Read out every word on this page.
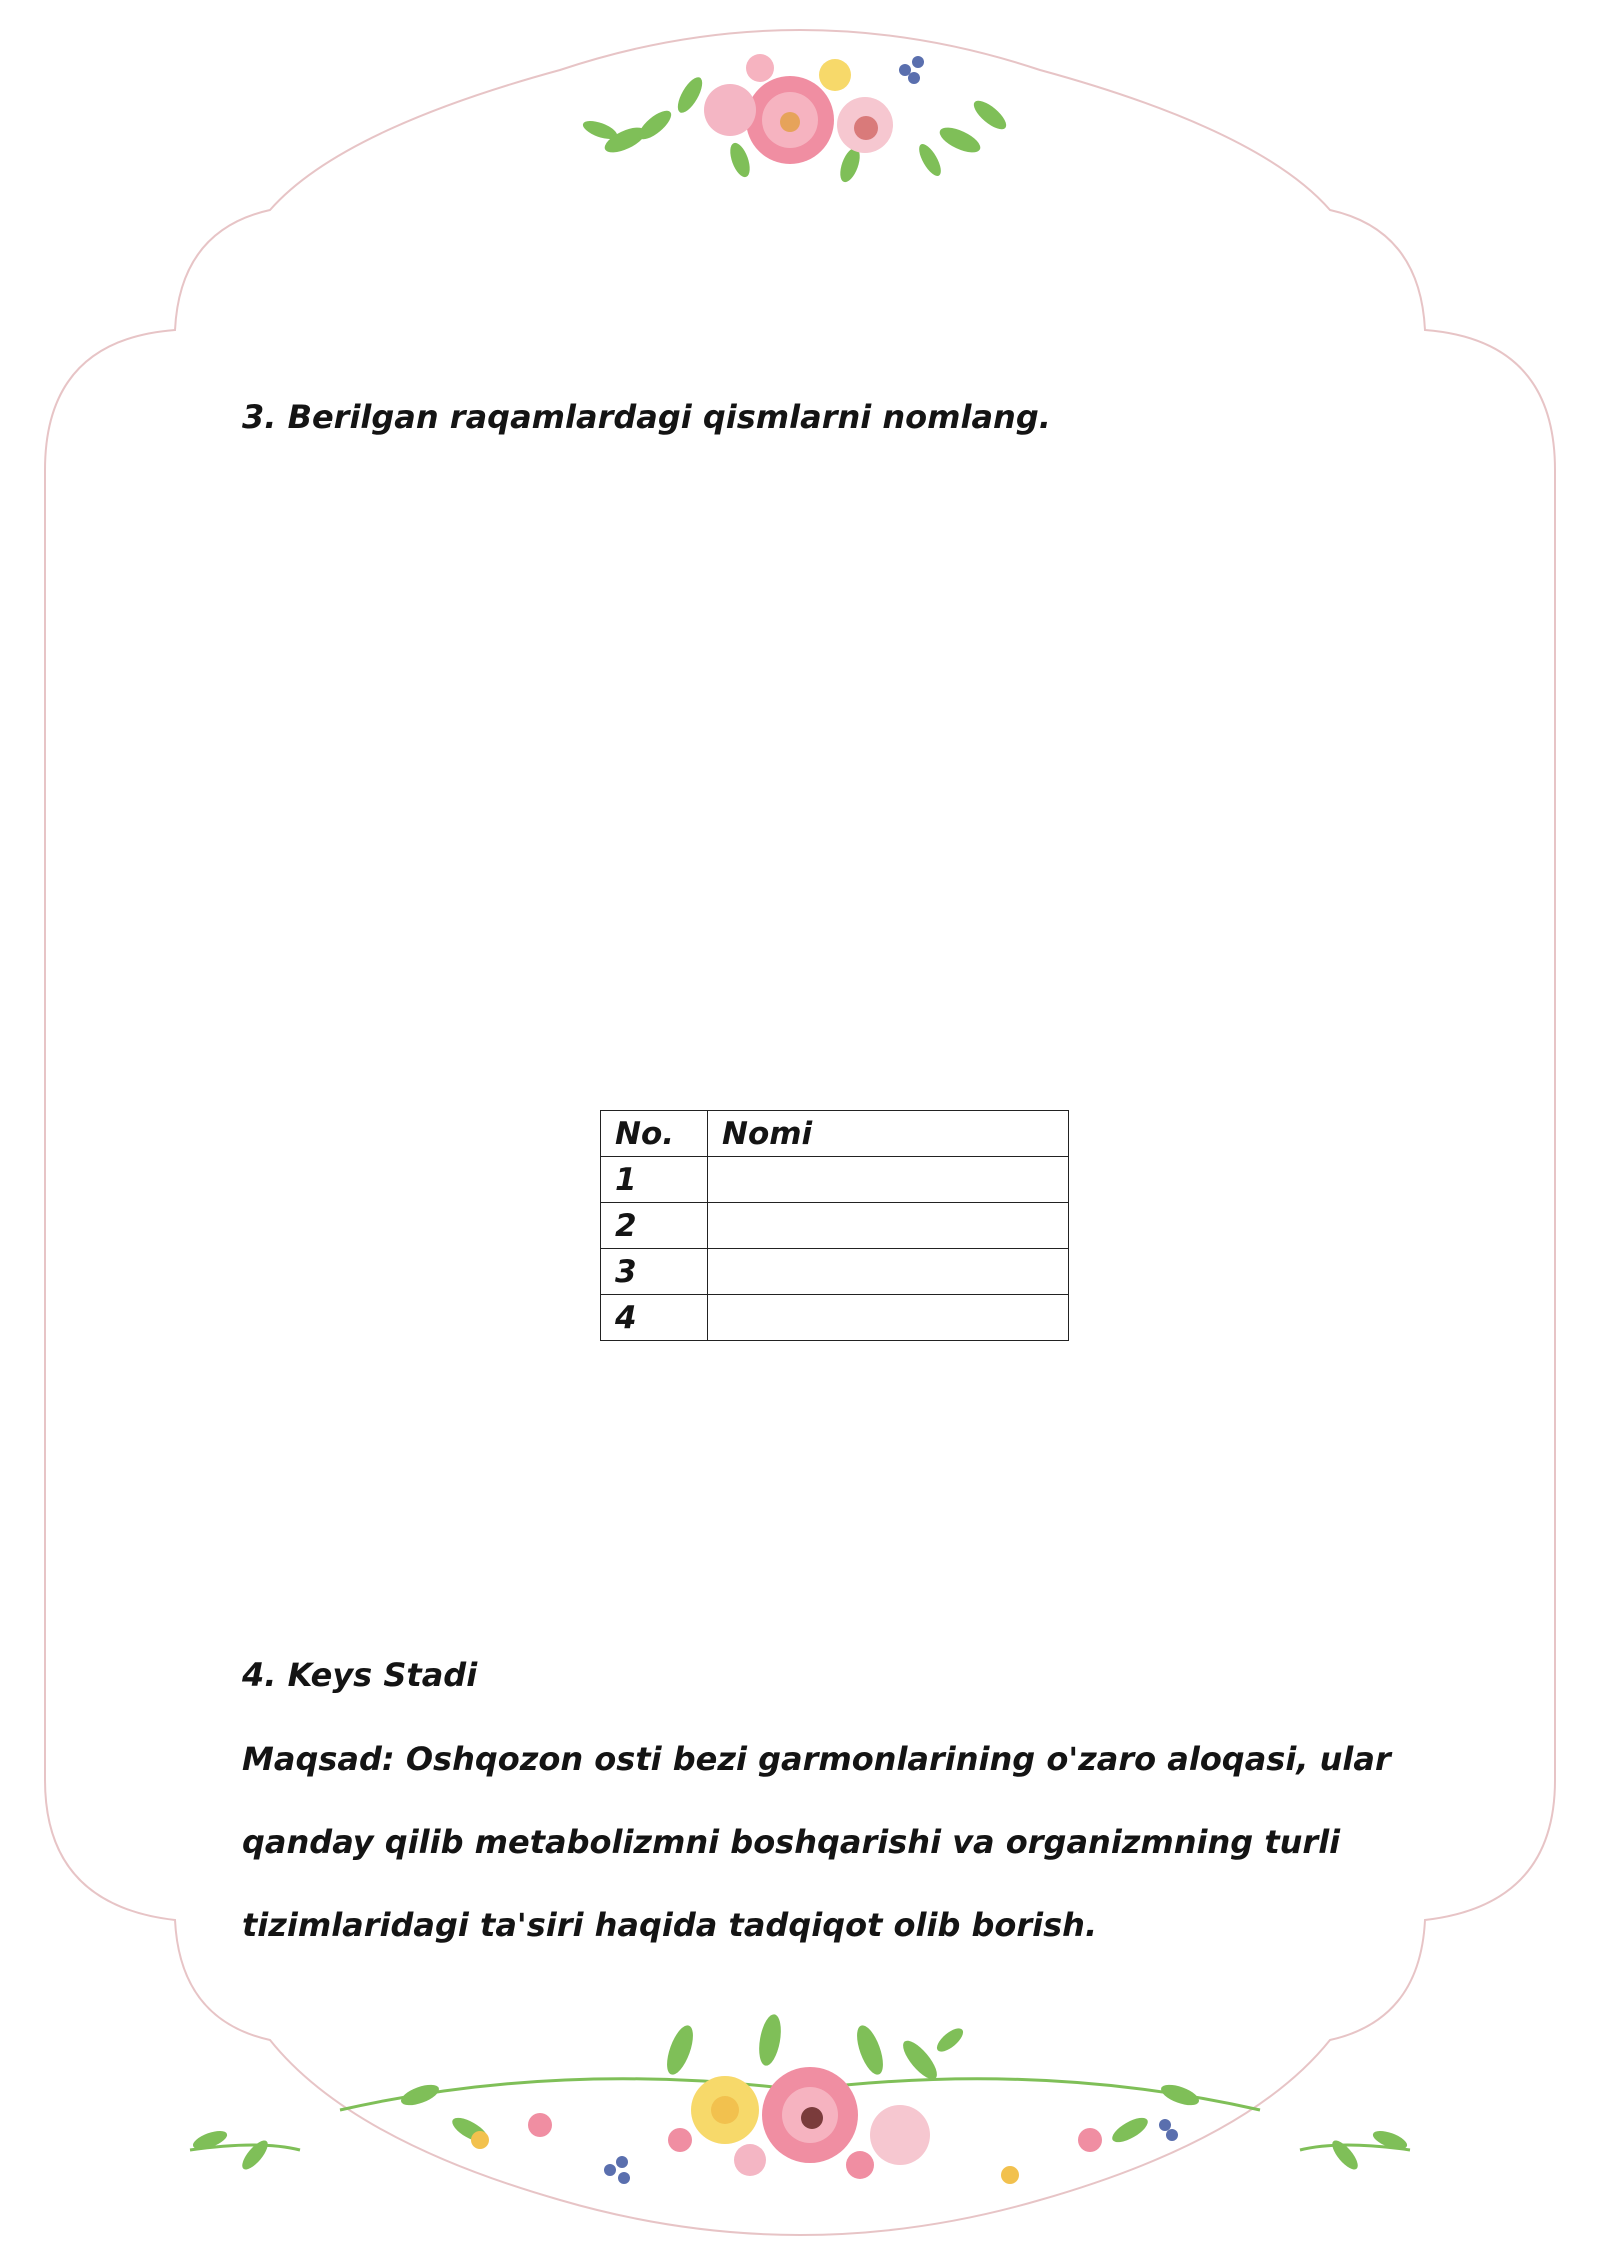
3. Berilgan raqamlardagi qismlarni nomlang.
No.	Nomi
1	
2	
3	
4	
4. Keys Stadi
Maqsad: Oshqozon osti bezi garmonlarining o'zaro aloqasi, ular
qanday qilib metabolizmni boshqarishi va organizmning turli
tizimlaridagi ta'siri haqida tadqiqot olib borish.
